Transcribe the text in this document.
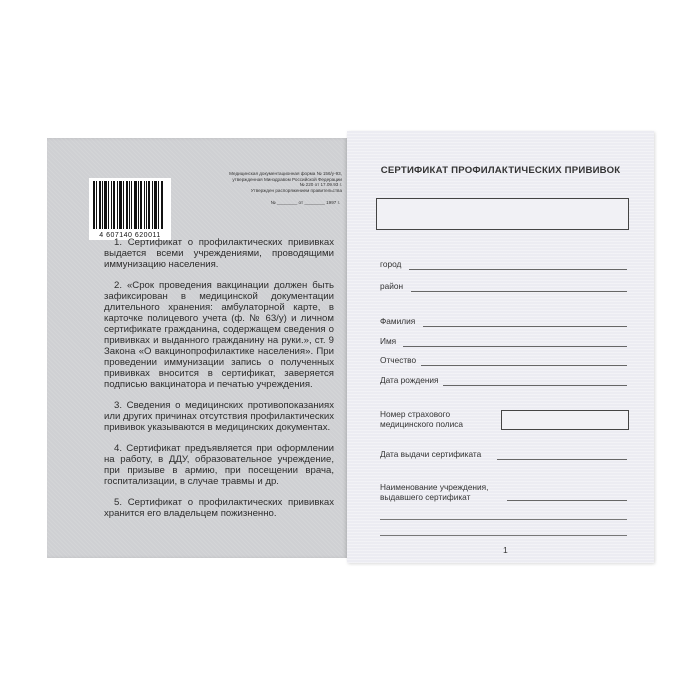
4 607140 620011
Медицинская документационная форма № 156/у-93,
утвержденная Минздравом Российской Федерации
№ 220 от 17.09.93 г.
Утвержден распоряжением правительства
№ ________ от ________ 1997 г.

1. Сертификат о профилактических прививках выдается всеми учреждениями, проводящими иммунизацию населения.

2. «Срок проведения вакцинации должен быть зафиксирован в медицинской документации длительного хранения: амбулаторной карте, в карточке полицевого учета (ф. № 63/у) и личном сертификате гражданина, содержащем сведения о прививках и выданного гражданину на руки.», ст. 9 Закона «О вакцинопрофилактике населения». При проведении иммунизации запись о полученных прививках вносится в сертификат, заверяется подписью вакцинатора и печатью учреждения.

3. Сведения о медицинских противопоказаниях или других причинах отсутствия профилактических прививок указываются в медицинских документах.

4. Сертификат предъявляется при оформлении на работу, в ДДУ, образовательное учреждение, при призыве в армию, при посещении врача, госпитализации, в случае травмы и др.

5. Сертификат о профилактических прививках хранится его владельцем пожизненно.

СЕРТИФИКАТ ПРОФИЛАКТИЧЕСКИХ ПРИВИВОК
город
район
Фамилия
Имя
Отчество
Дата рождения
Номер страхового
медицинского полиса
Дата выдачи сертификата
Наименование учреждения,
выдавшего сертификат
1
